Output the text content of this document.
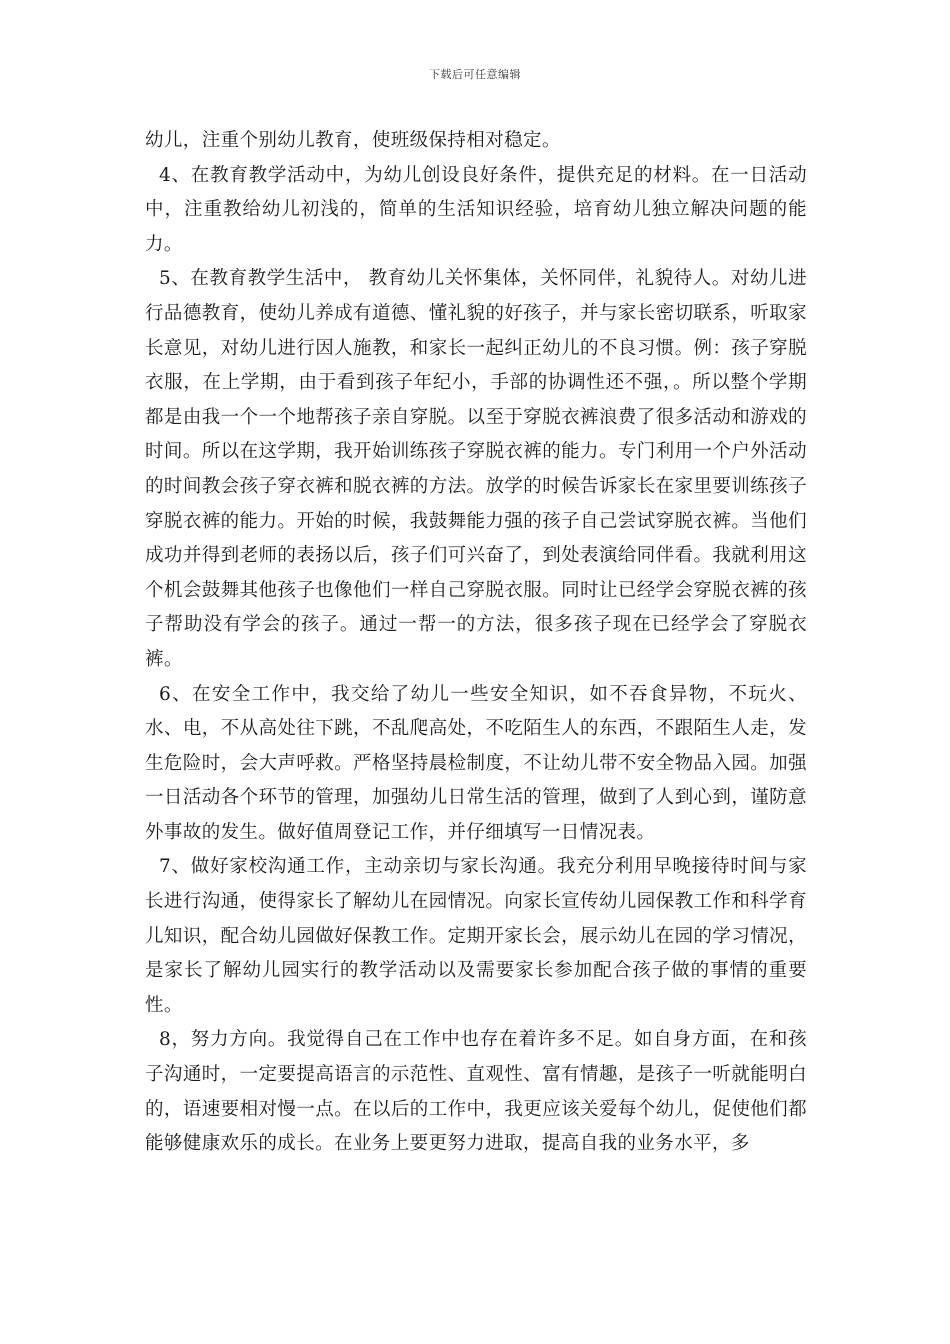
下载后可任意编辑

幼儿，注重个别幼儿教育，使班级保持相对稳定。

4、在教育教学活动中，为幼儿创设良好条件，提供充足的材料。在一日活动中，注重教给幼儿初浅的，简单的生活知识经验，培育幼儿独立解决问题的能力。

5、在教育教学生活中， 教育幼儿关怀集体，关怀同伴，礼貌待人。对幼儿进行品德教育，使幼儿养成有道德、懂礼貌的好孩子，并与家长密切联系，听取家长意见，对幼儿进行因人施教，和家长一起纠正幼儿的不良习惯。例：孩子穿脱衣服，在上学期，由于看到孩子年纪小，手部的协调性还不强，。所以整个学期都是由我一个一个地帮孩子亲自穿脱。以至于穿脱衣裤浪费了很多活动和游戏的时间。所以在这学期，我开始训练孩子穿脱衣裤的能力。专门利用一个户外活动的时间教会孩子穿衣裤和脱衣裤的方法。放学的时候告诉家长在家里要训练孩子穿脱衣裤的能力。开始的时候，我鼓舞能力强的孩子自己尝试穿脱衣裤。当他们成功并得到老师的表扬以后，孩子们可兴奋了，到处表演给同伴看。我就利用这个机会鼓舞其他孩子也像他们一样自己穿脱衣服。同时让已经学会穿脱衣裤的孩子帮助没有学会的孩子。通过一帮一的方法，很多孩子现在已经学会了穿脱衣裤。

6、在安全工作中，我交给了幼儿一些安全知识，如不吞食异物，不玩火、水、电，不从高处往下跳，不乱爬高处，不吃陌生人的东西，不跟陌生人走，发生危险时，会大声呼救。严格坚持晨检制度，不让幼儿带不安全物品入园。加强一日活动各个环节的管理，加强幼儿日常生活的管理，做到了人到心到，谨防意外事故的发生。做好值周登记工作，并仔细填写一日情况表。

7、做好家校沟通工作，主动亲切与家长沟通。我充分利用早晚接待时间与家长进行沟通，使得家长了解幼儿在园情况。向家长宣传幼儿园保教工作和科学育儿知识，配合幼儿园做好保教工作。定期开家长会，展示幼儿在园的学习情况，是家长了解幼儿园实行的教学活动以及需要家长参加配合孩子做的事情的重要性。

8，努力方向。我觉得自己在工作中也存在着许多不足。如自身方面，在和孩子沟通时，一定要提高语言的示范性、直观性、富有情趣，是孩子一听就能明白的，语速要相对慢一点。在以后的工作中，我更应该关爱每个幼儿，促使他们都能够健康欢乐的成长。在业务上要更努力进取，提高自我的业务水平，多
